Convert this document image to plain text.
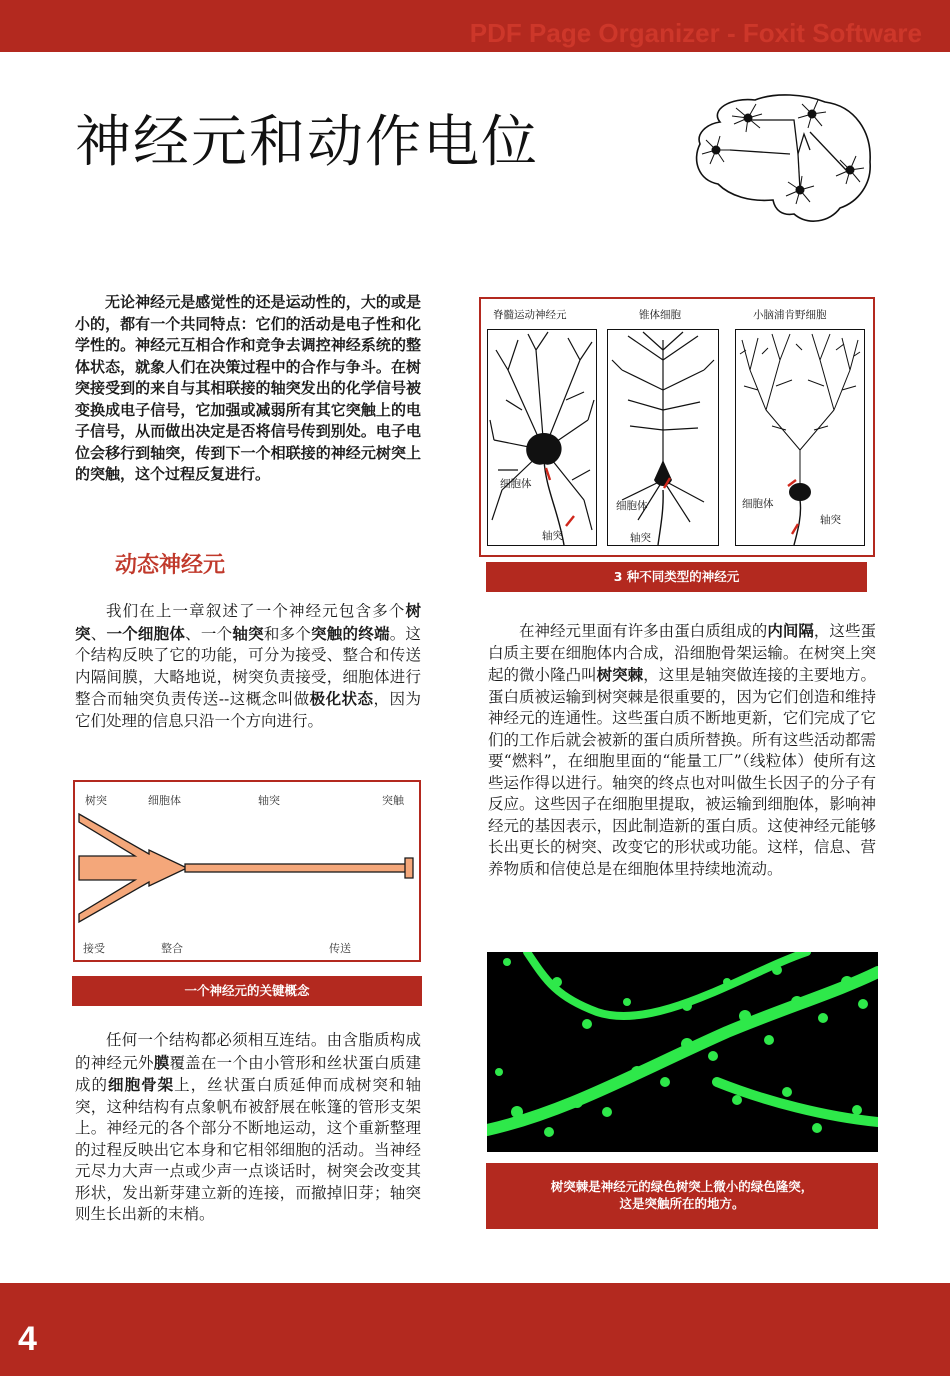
PDF Page Organizer - Foxit Software
4
神经元和动作电位

无论神经元是感觉性的还是运动性的，大的或是小的，都有一个共同特点：它们的活动是电子性和化学性的。神经元互相合作和竞争去调控神经系统的整体状态，就象人们在决策过程中的合作与争斗。在树突接受到的来自与其相联接的轴突发出的化学信号被变换成电子信号，它加强或减弱所有其它突触上的电子信号，从而做出决定是否将信号传到别处。电子电位会移行到轴突，传到下一个相联接的神经元树突上的突触，这个过程反复进行。

动态神经元

我们在上一章叙述了一个神经元包含多个树突、一个细胞体、一个轴突和多个突触的终端。这个结构反映了它的功能，可分为接受、整合和传送内隔间膜，大略地说，树突负责接受，细胞体进行整合而轴突负责传送--这概念叫做极化状态，因为它们处理的信息只沿一个方向进行。

树突	细胞体	轴突	突触
接受	整合	传送
一个神经元的关键概念

任何一个结构都必须相互连结。由含脂质构成的神经元外膜覆盖在一个由小管形和丝状蛋白质建成的细胞骨架上，丝状蛋白质延伸而成树突和轴突，这种结构有点象帆布被舒展在帐篷的管形支架上。神经元的各个部分不断地运动，这个重新整理的过程反映出它本身和它相邻细胞的活动。当神经元尽力大声一点或少声一点谈话时，树突会改变其形状，发出新芽建立新的连接，而撤掉旧芽；轴突则生长出新的末梢。

脊髓运动神经元
细胞体
轴突
锥体细胞
细胞体
轴突
小脑浦肯野细胞
细胞体
轴突
3 种不同类型的神经元

在神经元里面有许多由蛋白质组成的内间隔，这些蛋白质主要在细胞体内合成，沿细胞骨架运输。在树突上突起的微小隆凸叫树突棘，这里是轴突做连接的主要地方。蛋白质被运输到树突棘是很重要的，因为它们创造和维持神经元的连通性。这些蛋白质不断地更新，它们完成了它们的工作后就会被新的蛋白质所替换。所有这些活动都需要“燃料”，在细胞里面的“能量工厂”（线粒体）使所有这些运作得以进行。轴突的终点也对叫做生长因子的分子有反应。这些因子在细胞里提取，被运输到细胞体，影响神经元的基因表示，因此制造新的蛋白质。这使神经元能够长出更长的树突、改变它的形状或功能。这样，信息、营养物质和信使总是在细胞体里持续地流动。

树突棘是神经元的绿色树突上微小的绿色隆突，
这是突触所在的地方。
